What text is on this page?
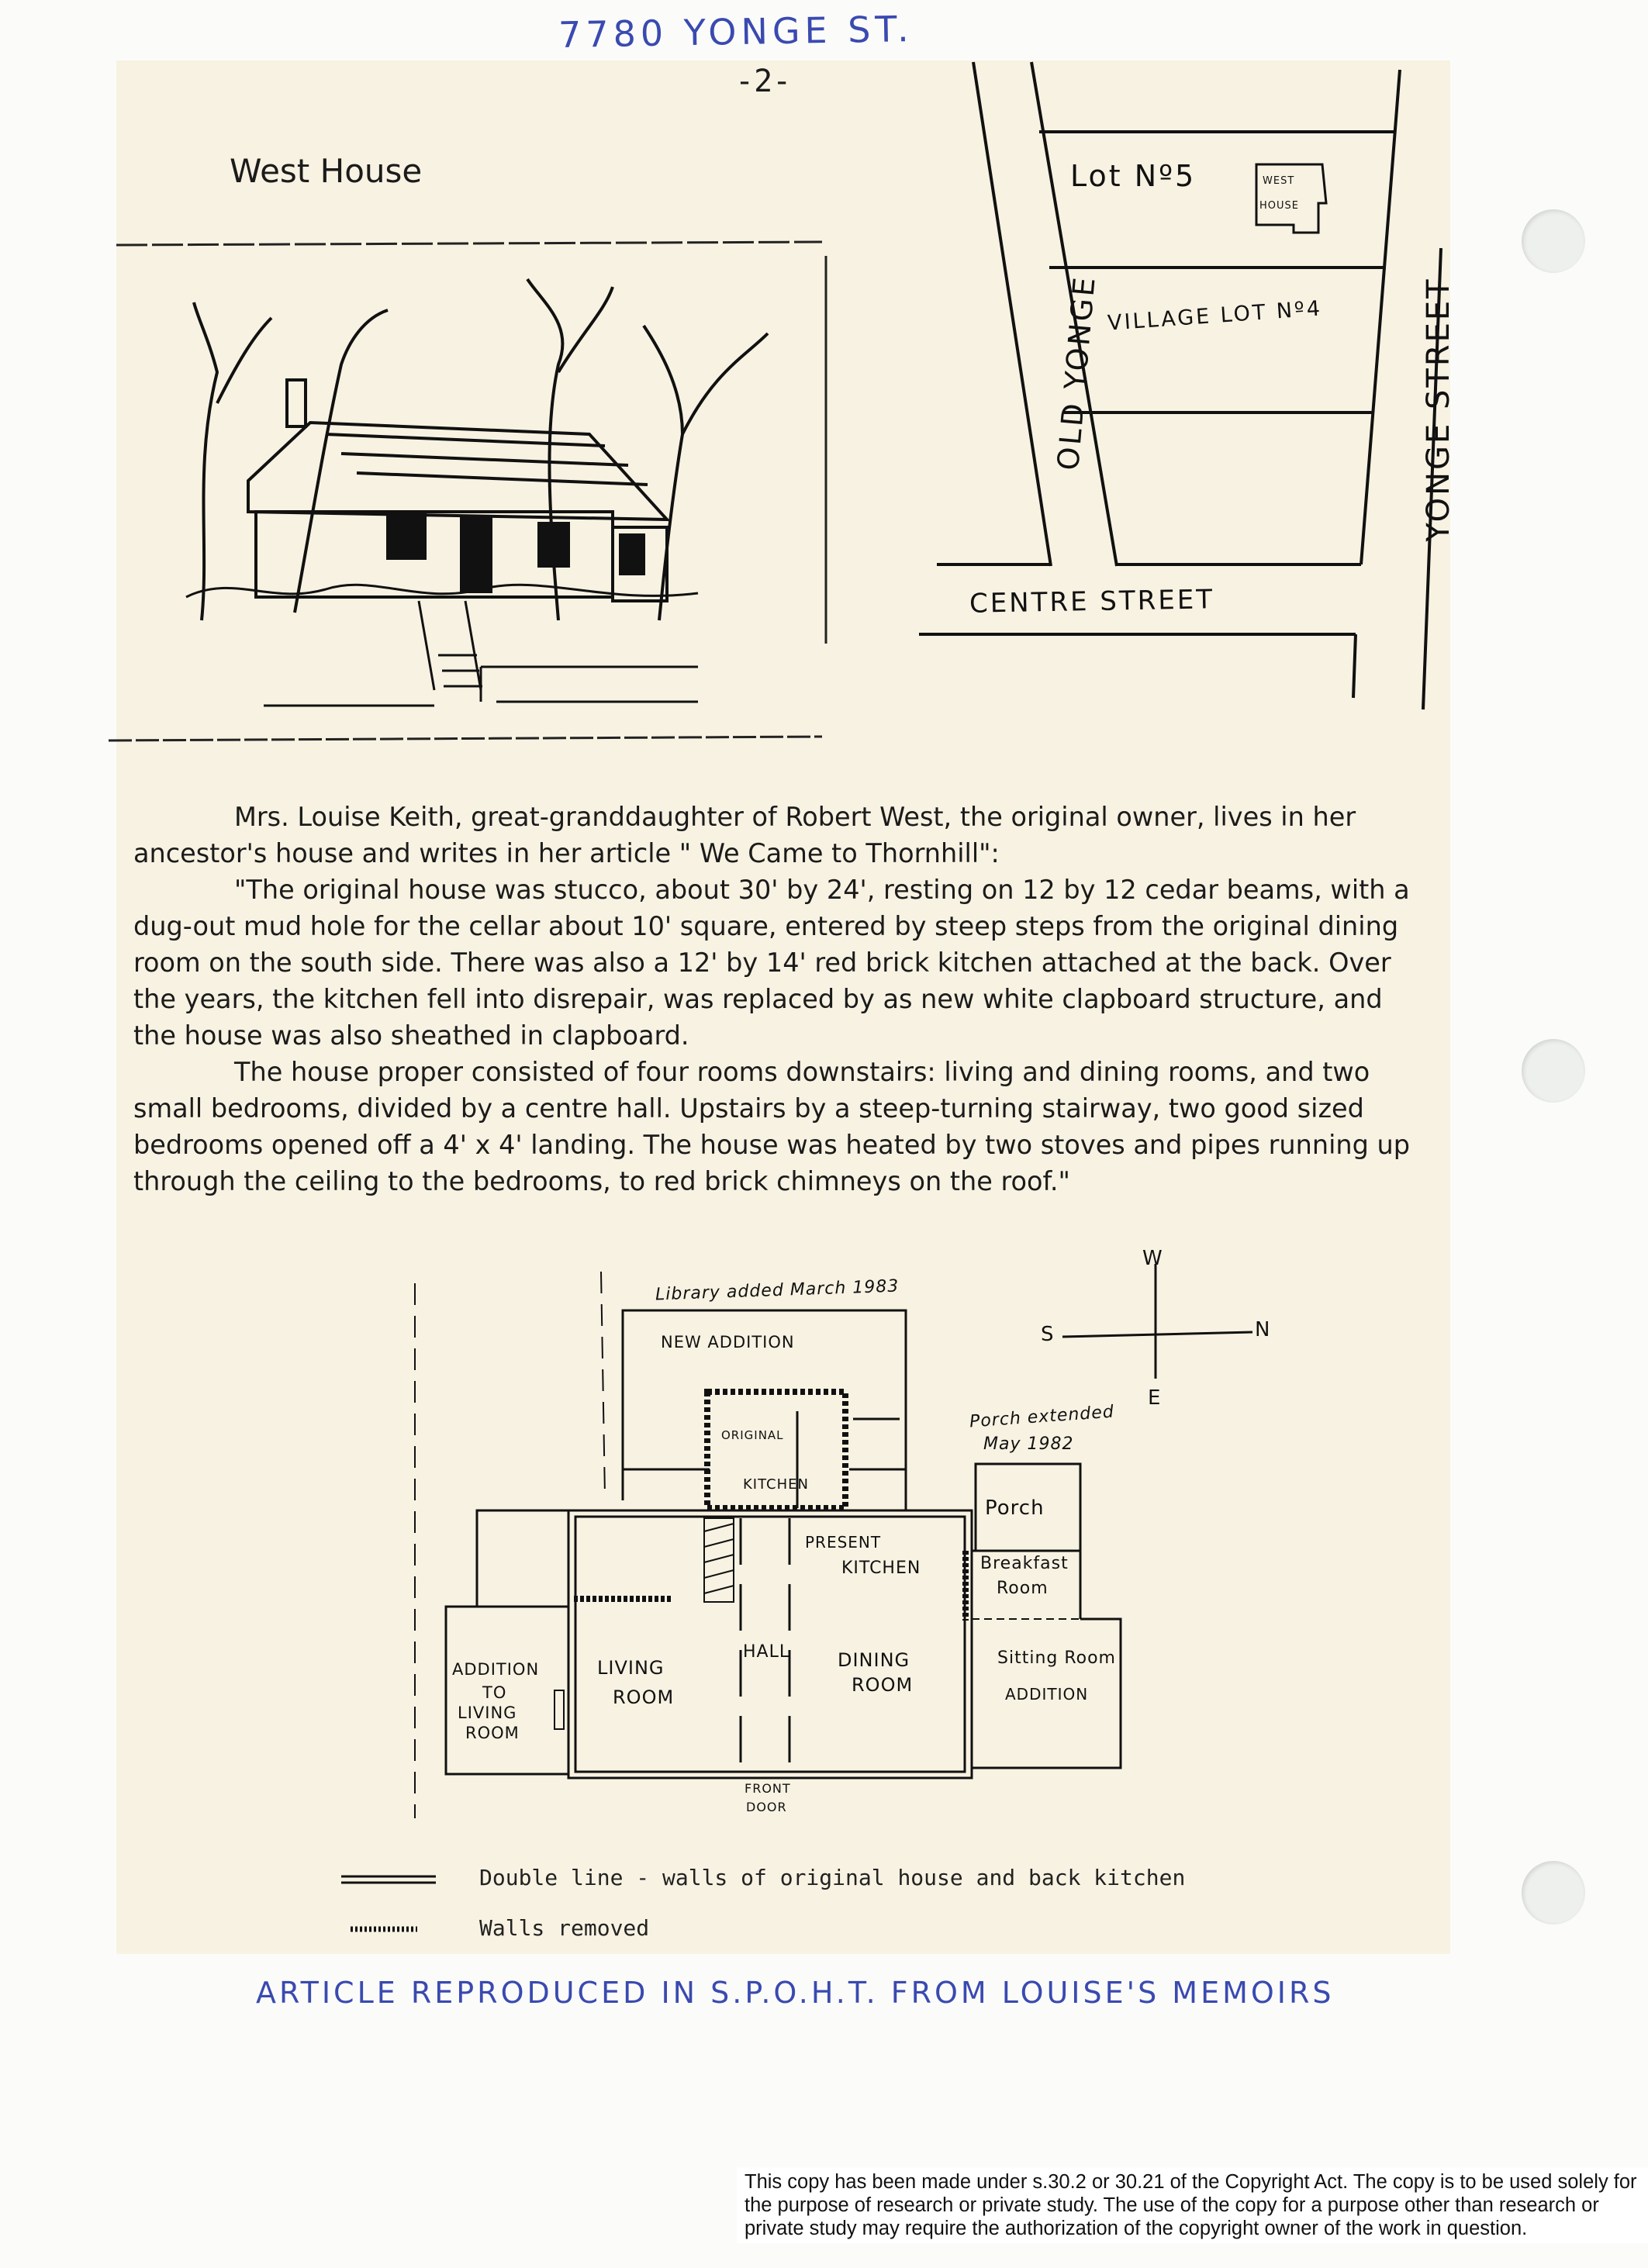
7780 YONGE ST.
-2-
West House	Lot Nº5	WEST
HOUSE
VILLAGE LOT Nº4
OLD YONGE	YONGE STREET
CENTRE STREET

Mrs. Louise Keith, great-granddaughter of Robert West, the original owner, lives in her ancestor's house and writes in her article " We Came to Thornhill":

"The original house was stucco, about 30' by 24', resting on 12 by 12 cedar beams, with a dug-out mud hole for the cellar about 10' square, entered by steep steps from the original dining room on the south side. There was also a 12' by 14' red brick kitchen attached at the back. Over the years, the kitchen fell into disrepair, was replaced by as new white clapboard structure, and the house was also sheathed in clapboard.

The house proper consisted of four rooms downstairs: living and dining rooms, and two small bedrooms, divided by a centre hall. Upstairs by a steep-turning stairway, two good sized bedrooms opened off a 4' x 4' landing. The house was heated by two stoves and pipes running up through the ceiling to the bedrooms, to red brick chimneys on the roof."

Library added March 1983
NEW ADDITION
ORIGINAL
KITCHEN
Porch extended
May 1982
Porch
PRESENT
KITCHEN	Breakfast
Room
ADDITION
TO
LIVING
ROOM
LIVING
ROOM
HALL	DINING
ROOM
Sitting Room
ADDITION
FRONT
DOOR
W
E
S	N
Double line - walls of original house and back kitchen
Walls removed
ARTICLE REPRODUCED IN S.P.O.H.T. FROM LOUISE'S MEMOIRS
This copy has been made under s.30.2 or 30.21 of the Copyright Act. The copy is to be used solely for the purpose of research or private study. The use of the copy for a purpose other than research or private study may require the authorization of the copyright owner of the work in question.
